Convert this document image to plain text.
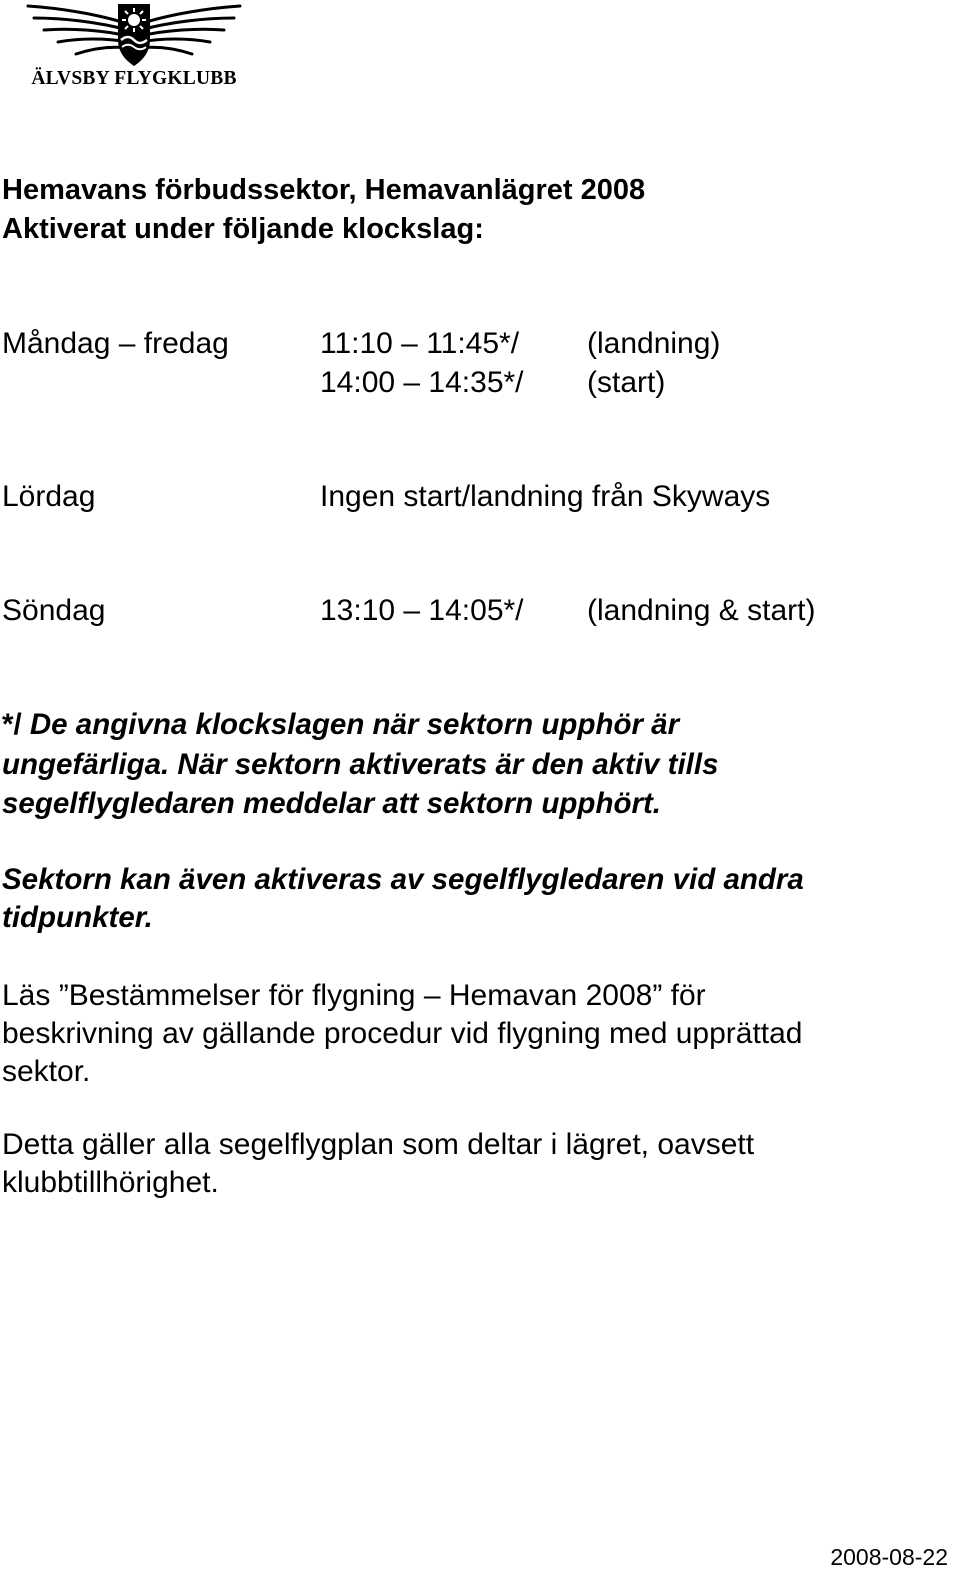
ÄLVSBY FLYGKLUBB
Hemavans förbudssektor, Hemavanlägret 2008
Aktiverat under följande klockslag:
Måndag – fredag	11:10 – 11:45*/ (landning)
14:00 – 14:35*/ (start)
Lördag	Ingen start/landning från Skyways
Söndag	13:10 – 14:05*/ (landning & start)
*/ De angivna klockslagen när sektorn upphör är
ungefärliga. När sektorn aktiverats är den aktiv tills
segelflygledaren meddelar att sektorn upphört.
Sektorn kan även aktiveras av segelflygledaren vid andra
tidpunkter.
Läs ”Bestämmelser för flygning – Hemavan 2008” för
beskrivning av gällande procedur vid flygning med upprättad
sektor.
Detta gäller alla segelflygplan som deltar i lägret, oavsett
klubbtillhörighet.
2008-08-22
